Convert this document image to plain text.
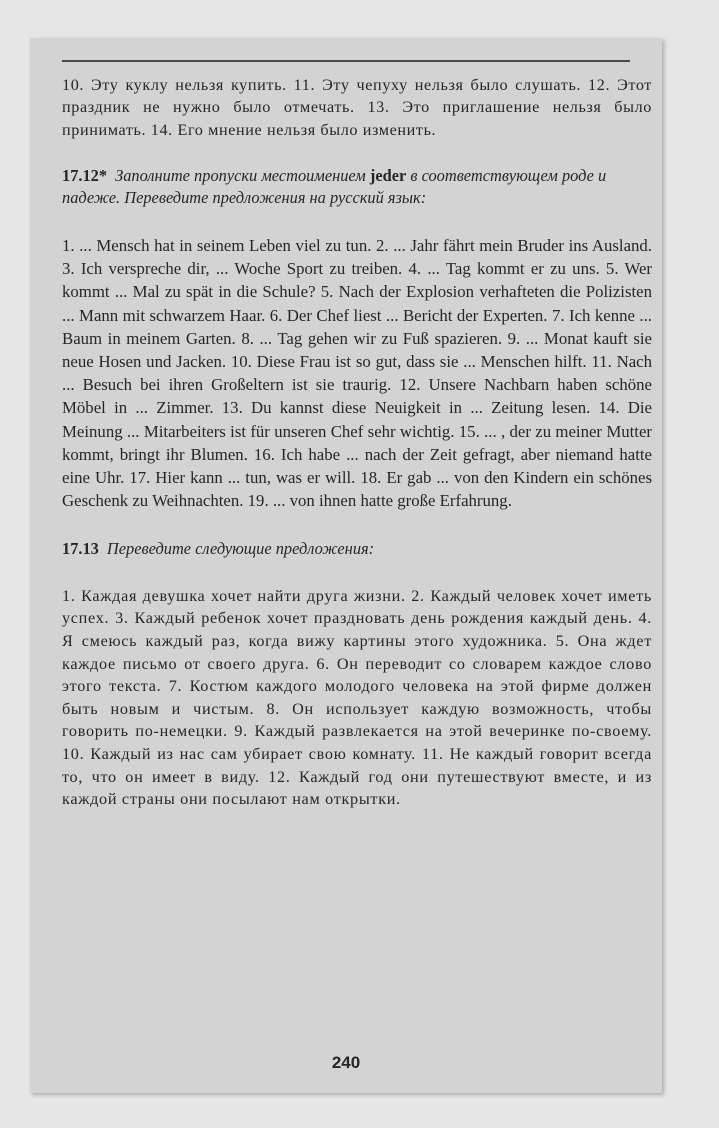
10. Эту куклу нельзя купить. 11. Эту чепуху нельзя было слушать. 12. Этот праздник не нужно было отмечать. 13. Это приглашение нельзя было принимать. 14. Его мнение нельзя было изменить.

17.12* Заполните пропуски местоимением jeder в соответствующем роде и падеже. Переведите предложения на русский язык:

1. ... Mensch hat in seinem Leben viel zu tun. 2. ... Jahr fährt mein Bruder ins Ausland. 3. Ich verspreche dir, ... Woche Sport zu treiben. 4. ... Tag kommt er zu uns. 5. Wer kommt ... Mal zu spät in die Schule? 5. Nach der Explosion verhafteten die Polizisten ... Mann mit schwarzem Haar. 6. Der Chef liest ... Bericht der Experten. 7. Ich kenne ... Baum in meinem Garten. 8. ... Tag gehen wir zu Fuß spazieren. 9. ... Monat kauft sie neue Hosen und Jacken. 10. Diese Frau ist so gut, dass sie ... Menschen hilft. 11. Nach ... Besuch bei ihren Großeltern ist sie traurig. 12. Unsere Nachbarn haben schöne Möbel in ... Zimmer. 13. Du kannst diese Neuigkeit in ... Zeitung lesen. 14. Die Meinung ... Mitarbeiters ist für unseren Chef sehr wichtig. 15. ... , der zu meiner Mutter kommt, bringt ihr Blumen. 16. Ich habe ... nach der Zeit gefragt, aber niemand hatte eine Uhr. 17. Hier kann ... tun, was er will. 18. Er gab ... von den Kindern ein schönes Geschenk zu Weihnachten. 19. ... von ihnen hatte große Erfahrung.

17.13 Переведите следующие предложения:

1. Каждая девушка хочет найти друга жизни. 2. Каждый человек хочет иметь успех. 3. Каждый ребенок хочет праздновать день рождения каждый день. 4. Я смеюсь каждый раз, когда вижу картины этого художника. 5. Она ждет каждое письмо от своего друга. 6. Он переводит со словарем каждое слово этого текста. 7. Костюм каждого молодого человека на этой фирме должен быть новым и чистым. 8. Он использует каждую возможность, чтобы говорить по-немецки. 9. Каждый развлекается на этой вечеринке по-своему. 10. Каждый из нас сам убирает свою комнату. 11. Не каждый говорит всегда то, что он имеет в виду. 12. Каждый год они путешествуют вместе, и из каждой страны они посылают нам открытки.

240
